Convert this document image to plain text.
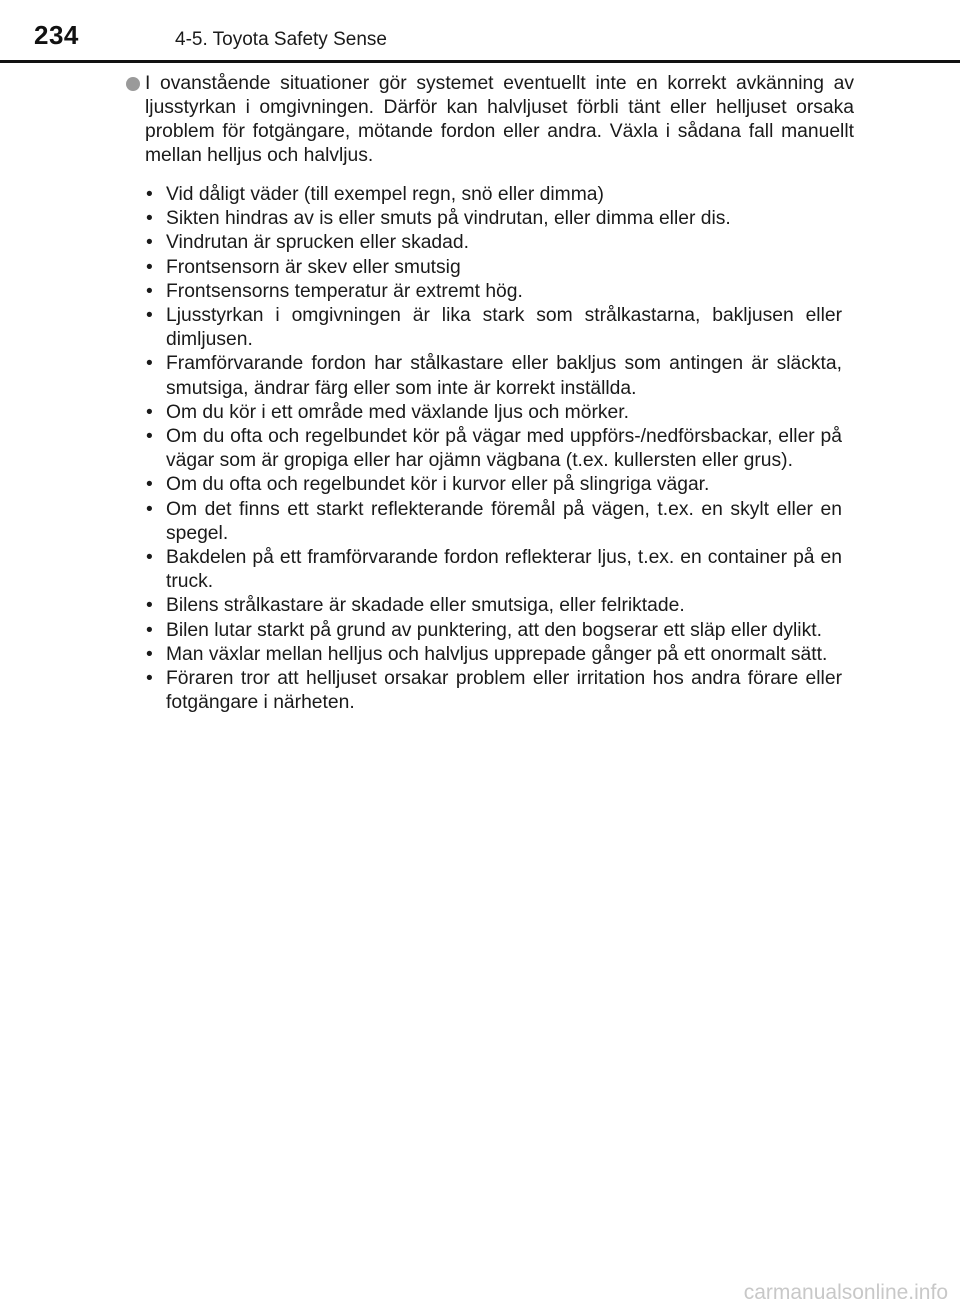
234	4-5. Toyota Safety Sense

I ovanstående situationer gör systemet eventuellt inte en korrekt avkänning av ljusstyrkan i omgivningen. Därför kan halvljuset förbli tänt eller helljuset orsaka problem för fotgängare, mötande fordon eller andra. Växla i sådana fall manuellt mellan helljus och halvljus.

• Vid dåligt väder (till exempel regn, snö eller dimma)
• Sikten hindras av is eller smuts på vindrutan, eller dimma eller dis.
• Vindrutan är sprucken eller skadad.
• Frontsensorn är skev eller smutsig
• Frontsensorns temperatur är extremt hög.
• Ljusstyrkan i omgivningen är lika stark som strålkastarna, bakljusen eller dimljusen.
• Framförvarande fordon har stålkastare eller bakljus som antingen är släckta, smutsiga, ändrar färg eller som inte är korrekt inställda.
• Om du kör i ett område med växlande ljus och mörker.
• Om du ofta och regelbundet kör på vägar med uppförs-/nedförsbackar, eller på vägar som är gropiga eller har ojämn vägbana (t.ex. kullersten eller grus).
• Om du ofta och regelbundet kör i kurvor eller på slingriga vägar.
• Om det finns ett starkt reflekterande föremål på vägen, t.ex. en skylt eller en spegel.
• Bakdelen på ett framförvarande fordon reflekterar ljus, t.ex. en container på en truck.
• Bilens strålkastare är skadade eller smutsiga, eller felriktade.
• Bilen lutar starkt på grund av punktering, att den bogserar ett släp eller dylikt.
• Man växlar mellan helljus och halvljus upprepade gånger på ett onormalt sätt.
• Föraren tror att helljuset orsakar problem eller irritation hos andra förare eller fotgängare i närheten.
carmanualsonline.info
